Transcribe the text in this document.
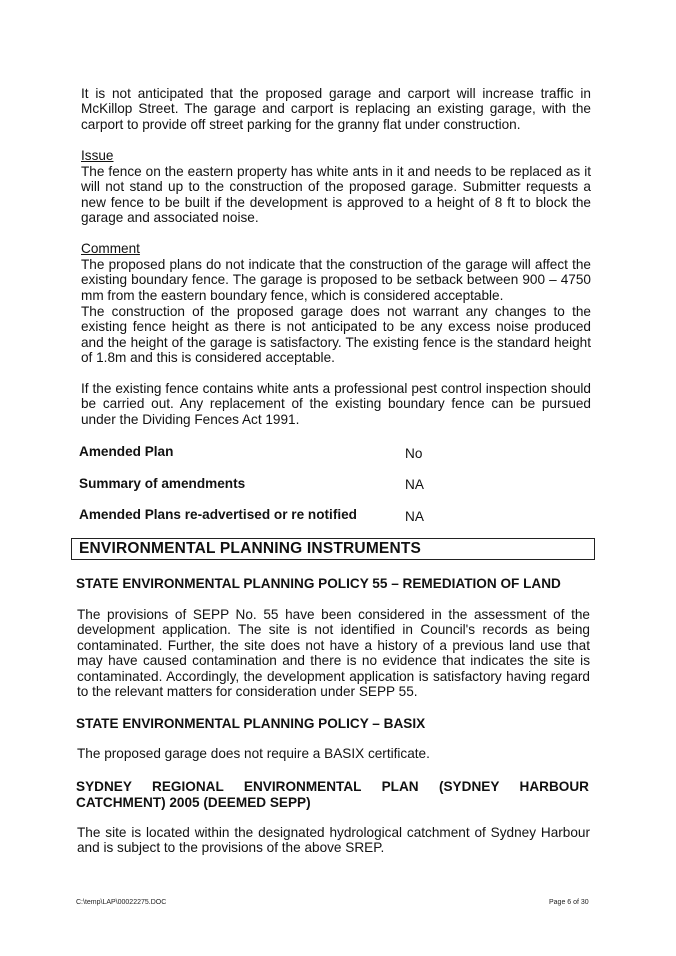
It is not anticipated that the proposed garage and carport will increase traffic in McKillop Street. The garage and carport is replacing an existing garage, with the carport to provide off street parking for the granny flat under construction.

Issue

The fence on the eastern property has white ants in it and needs to be replaced as it will not stand up to the construction of the proposed garage. Submitter requests a new fence to be built if the development is approved to a height of 8 ft to block the garage and associated noise.

Comment

The proposed plans do not indicate that the construction of the garage will affect the existing boundary fence. The garage is proposed to be setback between 900 – 4750 mm from the eastern boundary fence, which is considered acceptable.

The construction of the proposed garage does not warrant any changes to the existing fence height as there is not anticipated to be any excess noise produced and the height of the garage is satisfactory. The existing fence is the standard height of 1.8m and this is considered acceptable.

If the existing fence contains white ants a professional pest control inspection should be carried out. Any replacement of the existing boundary fence can be pursued under the Dividing Fences Act 1991.

Amended Plan	No
Summary of amendments	NA
Amended Plans re-advertised or re notified	NA
ENVIRONMENTAL PLANNING INSTRUMENTS
STATE ENVIRONMENTAL PLANNING POLICY 55 – REMEDIATION OF LAND

The provisions of SEPP No. 55 have been considered in the assessment of the development application. The site is not identified in Council's records as being contaminated. Further, the site does not have a history of a previous land use that may have caused contamination and there is no evidence that indicates the site is contaminated. Accordingly, the development application is satisfactory having regard to the relevant matters for consideration under SEPP 55.

STATE ENVIRONMENTAL PLANNING POLICY – BASIX

The proposed garage does not require a BASIX certificate.

SYDNEY REGIONAL ENVIRONMENTAL PLAN (SYDNEY HARBOUR CATCHMENT) 2005 (DEEMED SEPP)

The site is located within the designated hydrological catchment of Sydney Harbour and is subject to the provisions of the above SREP.

C:\temp\LAP\00022275.DOC	Page 6 of 30
